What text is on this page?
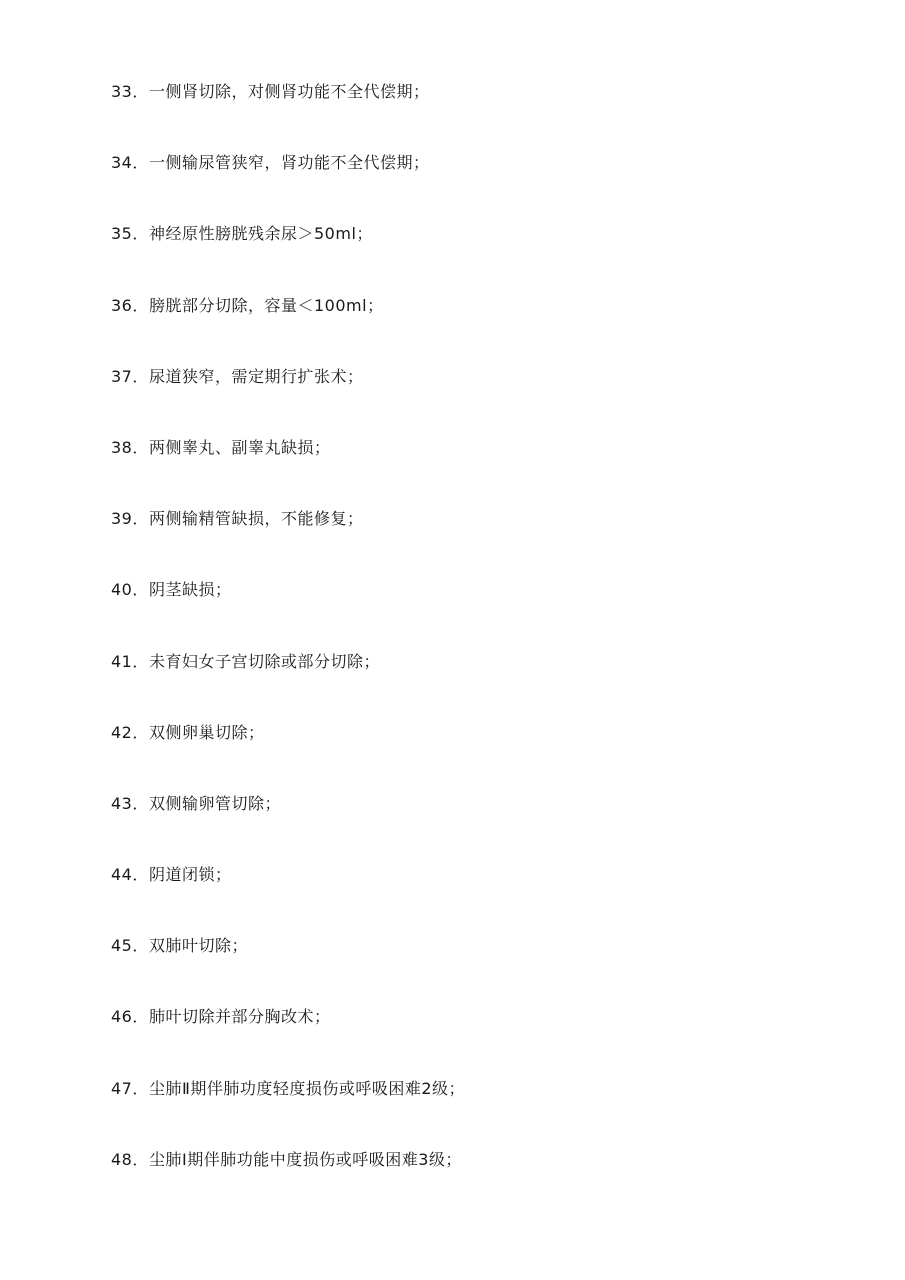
33． 一侧肾切除，对侧肾功能不全代偿期；
34． 一侧输尿管狭窄，肾功能不全代偿期；
35． 神经原性膀胱残余尿＞50ml；
36． 膀胱部分切除，容量＜100ml；
37． 尿道狭窄，需定期行扩张术；
38． 两侧睾丸、副睾丸缺损；
39． 两侧输精管缺损，不能修复；
40． 阴茎缺损；
41． 未育妇女子宫切除或部分切除；
42． 双侧卵巢切除；
43． 双侧输卵管切除；
44． 阴道闭锁；
45． 双肺叶切除；
46． 肺叶切除并部分胸改术；
47． 尘肺Ⅱ期伴肺功度轻度损伤或呼吸困难2级；
48． 尘肺Ⅰ期伴肺功能中度损伤或呼吸困难3级；
